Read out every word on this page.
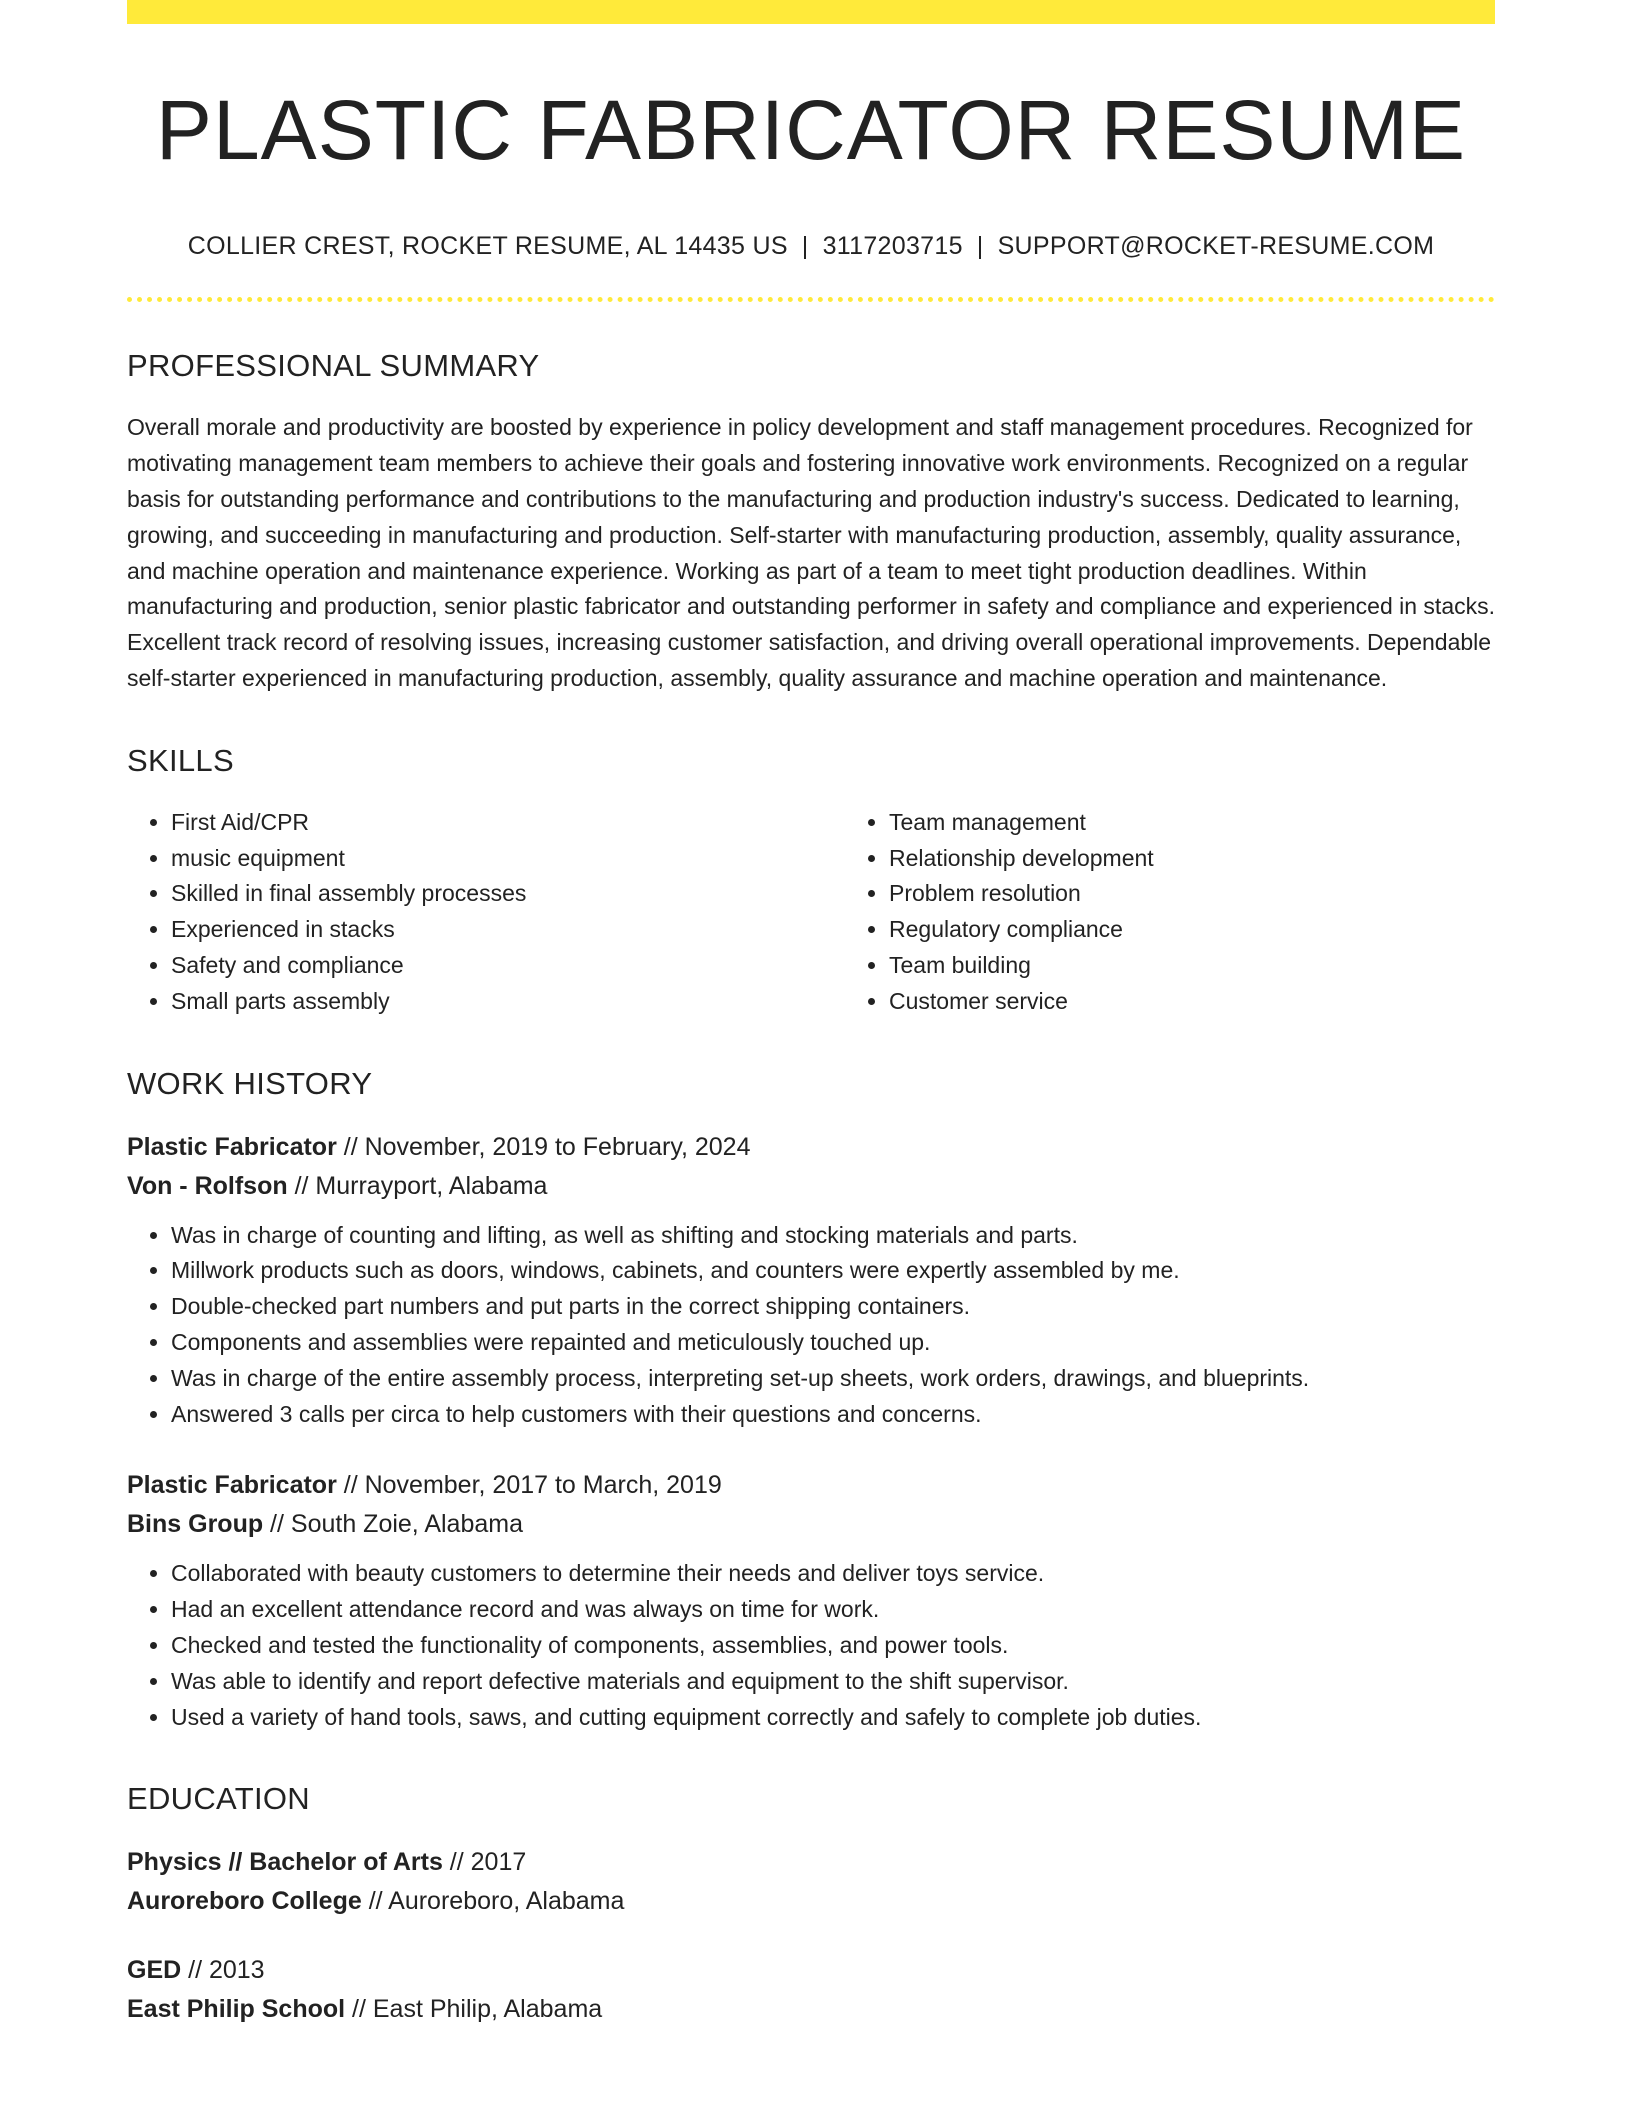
PLASTIC FABRICATOR RESUME
COLLIER CREST, ROCKET RESUME, AL 14435 US | 3117203715 | SUPPORT@ROCKET-RESUME.COM
PROFESSIONAL SUMMARY

Overall morale and productivity are boosted by experience in policy development and staff management procedures. Recognized for motivating management team members to achieve their goals and fostering innovative work environments. Recognized on a regular basis for outstanding performance and contributions to the manufacturing and production industry's success. Dedicated to learning, growing, and succeeding in manufacturing and production. Self-starter with manufacturing production, assembly, quality assurance, and machine operation and maintenance experience. Working as part of a team to meet tight production deadlines. Within manufacturing and production, senior plastic fabricator and outstanding performer in safety and compliance and experienced in stacks. Excellent track record of resolving issues, increasing customer satisfaction, and driving overall operational improvements. Dependable self-starter experienced in manufacturing production, assembly, quality assurance and machine operation and maintenance.

SKILLS
• First Aid/CPR
• music equipment
• Skilled in final assembly processes
• Experienced in stacks
• Safety and compliance
• Small parts assembly
• Team management
• Relationship development
• Problem resolution
• Regulatory compliance
• Team building
• Customer service
WORK HISTORY
Plastic Fabricator // November, 2019 to February, 2024
Von - Rolfson // Murrayport, Alabama
• Was in charge of counting and lifting, as well as shifting and stocking materials and parts.
• Millwork products such as doors, windows, cabinets, and counters were expertly assembled by me.
• Double-checked part numbers and put parts in the correct shipping containers.
• Components and assemblies were repainted and meticulously touched up.
• Was in charge of the entire assembly process, interpreting set-up sheets, work orders, drawings, and blueprints.
• Answered 3 calls per circa to help customers with their questions and concerns.
Plastic Fabricator // November, 2017 to March, 2019
Bins Group // South Zoie, Alabama
• Collaborated with beauty customers to determine their needs and deliver toys service.
• Had an excellent attendance record and was always on time for work.
• Checked and tested the functionality of components, assemblies, and power tools.
• Was able to identify and report defective materials and equipment to the shift supervisor.
• Used a variety of hand tools, saws, and cutting equipment correctly and safely to complete job duties.
EDUCATION
Physics // Bachelor of Arts // 2017
Auroreboro College // Auroreboro, Alabama
GED // 2013
East Philip School // East Philip, Alabama
